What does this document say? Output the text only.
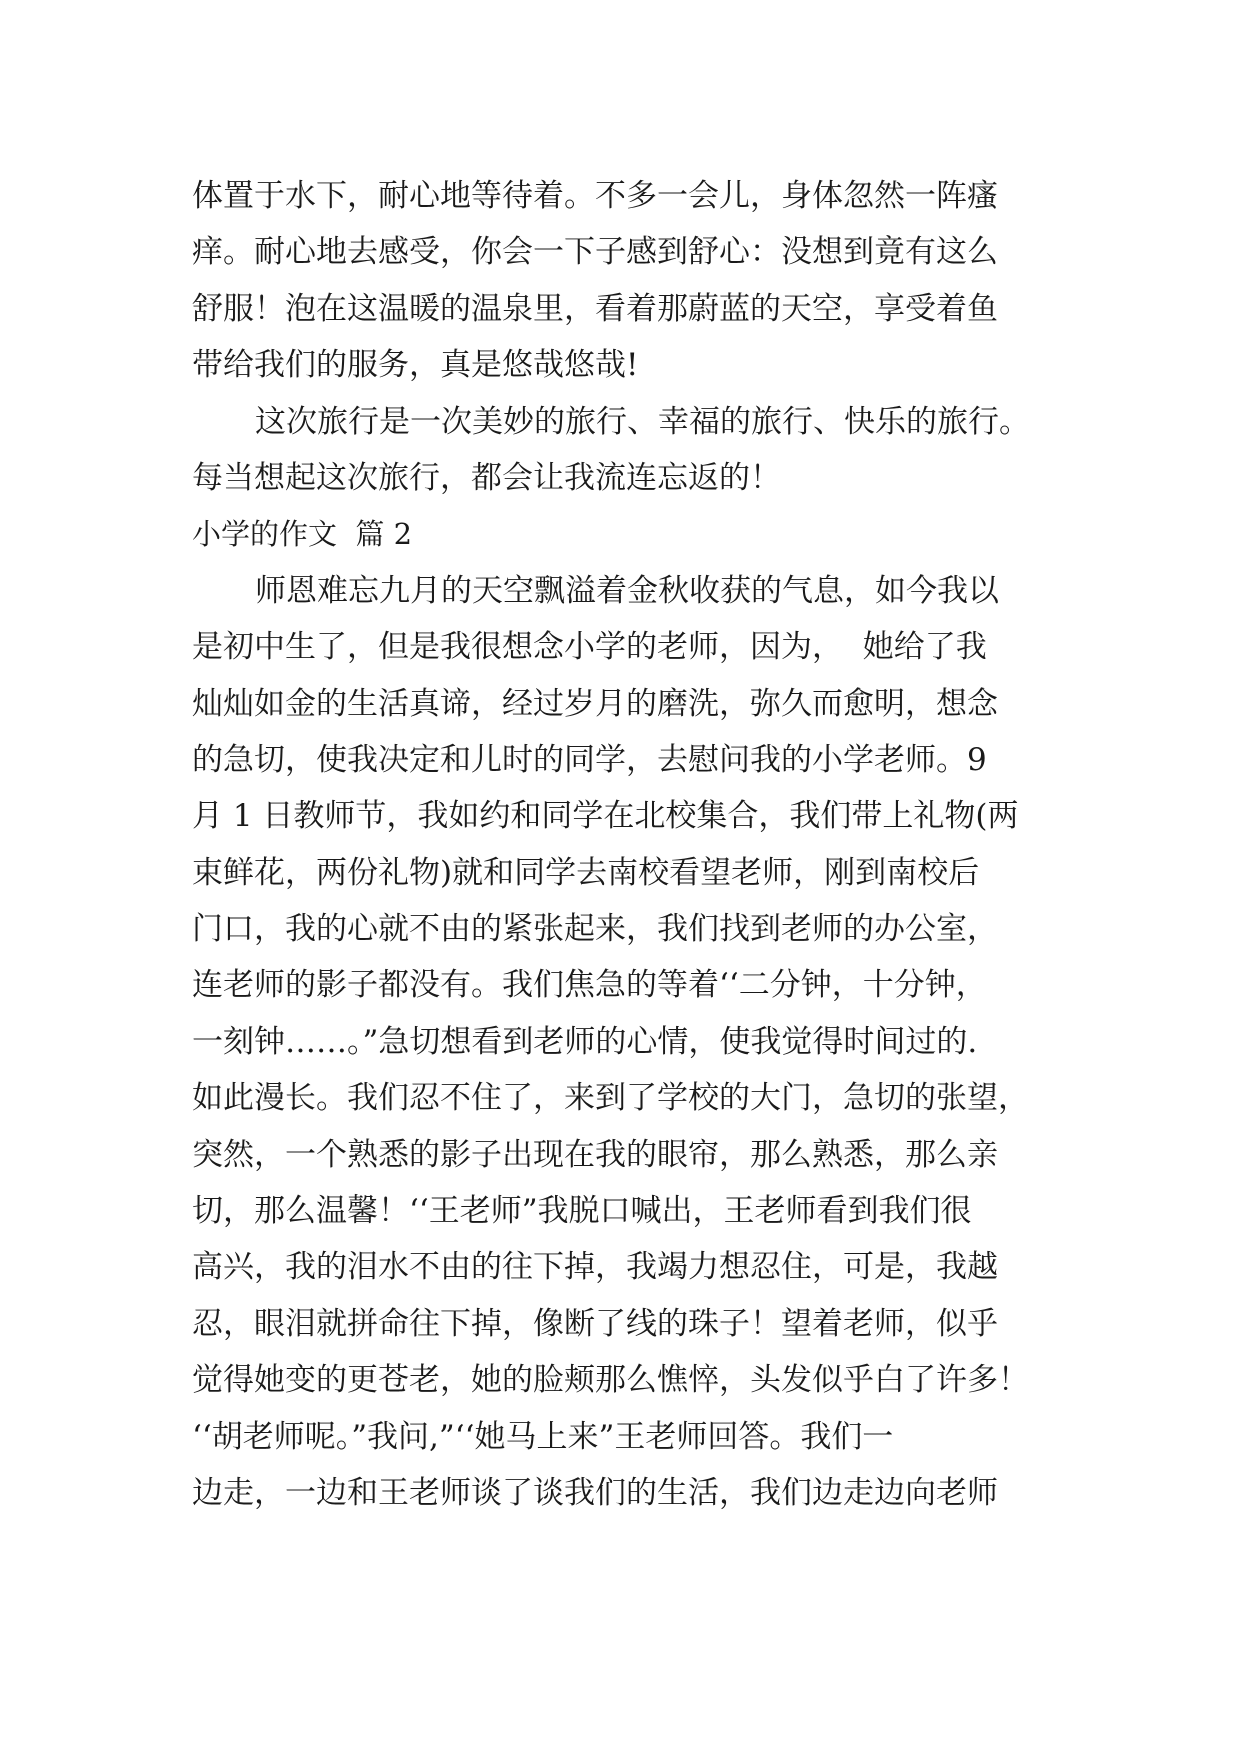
体置于水下，耐心地等待着。不多一会儿，身体忽然一阵瘙
痒。耐心地去感受，你会一下子感到舒心：没想到竟有这么
舒服！泡在这温暖的温泉里，看着那蔚蓝的天空，享受着鱼
带给我们的服务，真是悠哉悠哉!
这次旅行是一次美妙的旅行、幸福的旅行、快乐的旅行。
每当想起这次旅行，都会让我流连忘返的！
小学的作文  篇 2
师恩难忘九月的天空飘溢着金秋收获的气息，如今我以
是初中生了，但是我很想念小学的老师，因为，  她给了我
灿灿如金的生活真谛，经过岁月的磨洗，弥久而愈明，想念
的急切，使我决定和儿时的同学，去慰问我的小学老师。9
月 1 日教师节，我如约和同学在北校集合，我们带上礼物(两
束鲜花，两份礼物)就和同学去南校看望老师，刚到南校后
门口，我的心就不由的紧张起来，我们找到老师的办公室，
连老师的影子都没有。我们焦急的等着‘‘二分钟，十分钟，
一刻钟……。”急切想看到老师的心情，使我觉得时间过的.
如此漫长。我们忍不住了，来到了学校的大门，急切的张望，
突然，一个熟悉的影子出现在我的眼帘，那么熟悉，那么亲
切，那么温馨！‘‘王老师”我脱口喊出，王老师看到我们很
高兴，我的泪水不由的往下掉，我竭力想忍住，可是，我越
忍，眼泪就拼命往下掉，像断了线的珠子！望着老师，似乎
觉得她变的更苍老，她的脸颊那么憔悴，头发似乎白了许多！
‘‘胡老师呢。”我问,”‘‘她马上来”王老师回答。我们一
边走，一边和王老师谈了谈我们的生活，我们边走边向老师
